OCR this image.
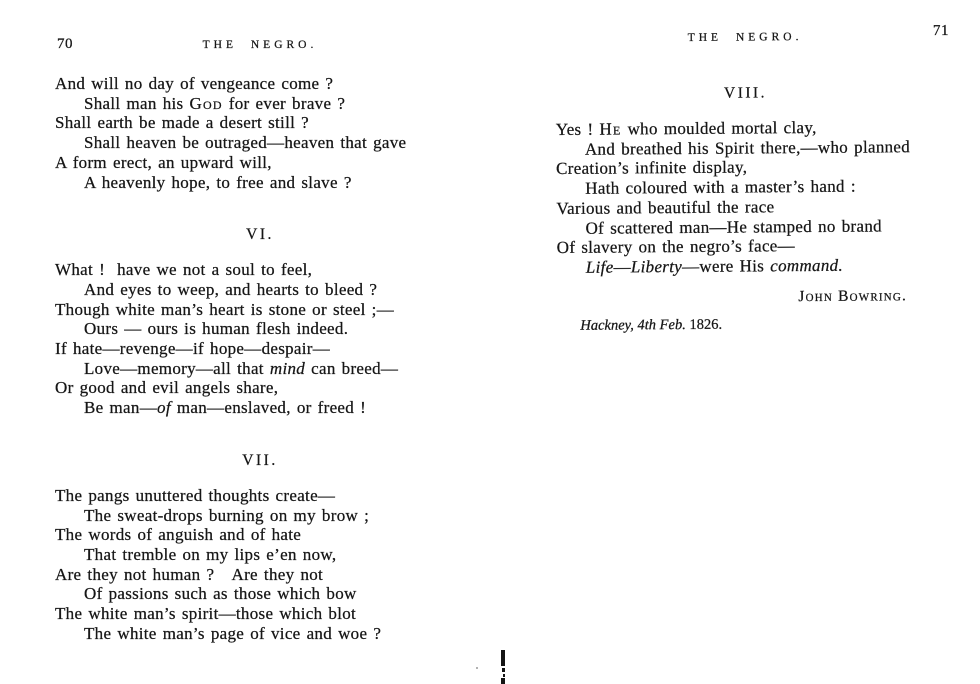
70	THE NEGRO.
And will no day of vengeance come ?
Shall man his God for ever brave ?
Shall earth be made a desert still ?
Shall heaven be outraged—heaven that gave
A form erect, an upward will,
A heavenly hope, to free and slave ?
VI.
What !  have we not a soul to feel,
And eyes to weep, and hearts to bleed ?
Though white man’s heart is stone or steel ;—
Ours — ours is human flesh indeed.
If hate—revenge—if hope—despair—
Love—memory—all that mind can breed—
Or good and evil angels share,
Be man—of man—enslaved, or freed !
VII.
The pangs unuttered thoughts create—
The sweat-drops burning on my brow ;
The words of anguish and of hate
That tremble on my lips e’en now,
Are they not human ?   Are they not
Of passions such as those which bow
The white man’s spirit—those which blot
The white man’s page of vice and woe ?
THE NEGRO.	71
VIII.
Yes ! He who moulded mortal clay,
And breathed his Spirit there,—who planned
Creation’s infinite display,
Hath coloured with a master’s hand :
Various and beautiful the race
Of scattered man—He stamped no brand
Of slavery on the negro’s face—
Life—Liberty—were His command.
John Bowring.
Hackney, 4th Feb. 1826.
